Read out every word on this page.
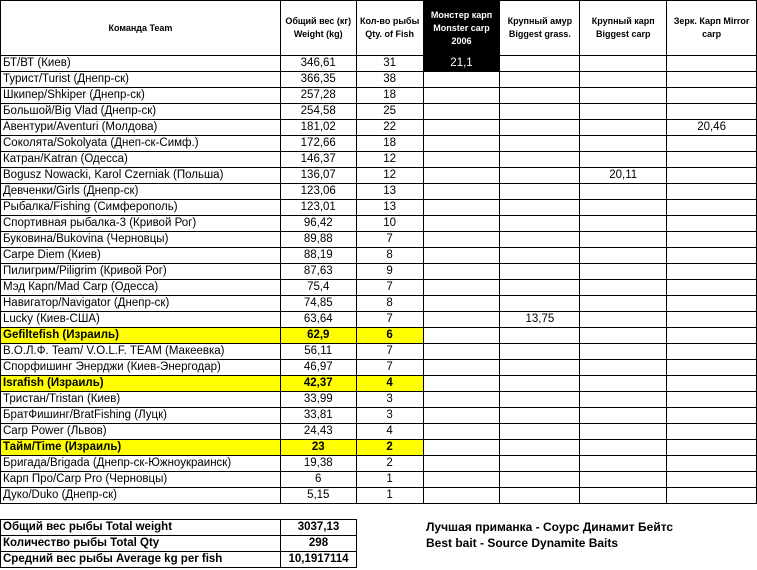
Команда Team	Общий вес (кг) Weight (kg)	Кол-во рыбы Qty. of Fish	Монстер карп Monster carp 2006	Крупный амур Biggest grass.	Крупный карп Biggest carp	Зерк. Карп Mirror carp
БТ/ВТ (Киев)	346,61	31	21,1			
Турист/Turist (Днепр-ск)	366,35	38				
Шкипер/Shkiper (Днепр-ск)	257,28	18				
Большой/Big Vlad (Днепр-ск)	254,58	25				
Авентури/Aventuri (Молдова)	181,02	22				20,46
Соколята/Sokolyata (Днеп-ск-Симф.)	172,66	18				
Катран/Katran (Одесса)	146,37	12				
Bogusz Nowacki, Karol Czerniak (Польша)	136,07	12			20,11	
Девченки/Girls (Днепр-ск)	123,06	13				
Рыбалка/Fishing (Симферополь)	123,01	13				
Спортивная рыбалка-3 (Кривой Рог)	96,42	10				
Буковина/Bukovina (Черновцы)	89,88	7				
Carpe Diem (Киев)	88,19	8				
Пилигрим/Piligrim (Кривой Рог)	87,63	9				
Мэд Карп/Mad Carp (Одесса)	75,4	7				
Навигатор/Navigator (Днепр-ск)	74,85	8				
Lucky (Киев-США)	63,64	7		13,75		
Gefiltefish (Израиль)	62,9	6				
В.О.Л.Ф. Team/ V.O.L.F. TEAM (Макеевка)	56,11	7				
Спорфишинг Энерджи (Киев-Энергодар)	46,97	7				
Israfish (Израиль)	42,37	4				
Тристан/Tristan (Киев)	33,99	3				
БратФишинг/BratFishing (Луцк)	33,81	3				
Carp Power (Львов)	24,43	4				
Тайм/Time (Израиль)	23	2				
Бригада/Brigada (Днепр-ск-Южноукраинск)	19,38	2				
Карп Про/Carp Pro (Черновцы)	6	1				
Дуко/Duko (Днепр-ск)	5,15	1				
Общий вес рыбы Total weight	3037,13
Количество рыбы Total Qty	298
Средний вес рыбы Average kg per fish	10,1917114
Лучшая приманка - Соурс Динамит Бейтс
Best bait - Source Dynamite Baits
